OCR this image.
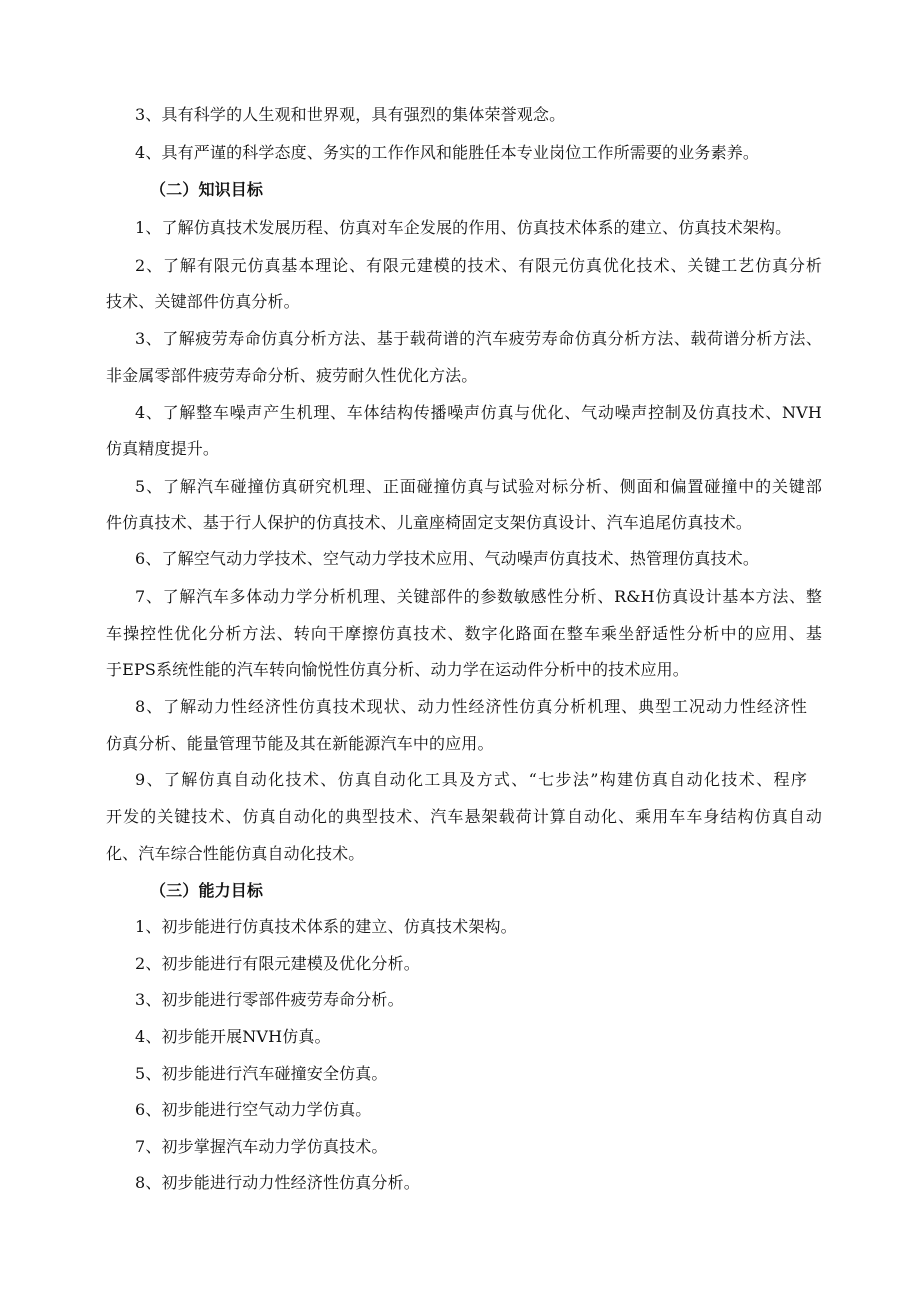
3、具有科学的人生观和世界观，具有强烈的集体荣誉观念。
4、具有严谨的科学态度、务实的工作作风和能胜任本专业岗位工作所需要的业务素养。
（二）知识目标
1、了解仿真技术发展历程、仿真对车企发展的作用、仿真技术体系的建立、仿真技术架构。
2、了解有限元仿真基本理论、有限元建模的技术、有限元仿真优化技术、关键工艺仿真分析
技术、关键部件仿真分析。
3、了解疲劳寿命仿真分析方法、基于载荷谱的汽车疲劳寿命仿真分析方法、载荷谱分析方法、
非金属零部件疲劳寿命分析、疲劳耐久性优化方法。
4、了解整车噪声产生机理、车体结构传播噪声仿真与优化、气动噪声控制及仿真技术、NVH
仿真精度提升。
5、了解汽车碰撞仿真研究机理、正面碰撞仿真与试验对标分析、侧面和偏置碰撞中的关键部
件仿真技术、基于行人保护的仿真技术、儿童座椅固定支架仿真设计、汽车追尾仿真技术。
6、了解空气动力学技术、空气动力学技术应用、气动噪声仿真技术、热管理仿真技术。
7、了解汽车多体动力学分析机理、关键部件的参数敏感性分析、R&H仿真设计基本方法、整
车操控性优化分析方法、转向干摩擦仿真技术、数字化路面在整车乘坐舒适性分析中的应用、基
于EPS系统性能的汽车转向愉悦性仿真分析、动力学在运动件分析中的技术应用。
8、了解动力性经济性仿真技术现状、动力性经济性仿真分析机理、典型工况动力性经济性
仿真分析、能量管理节能及其在新能源汽车中的应用。
9、了解仿真自动化技术、仿真自动化工具及方式、“七步法”构建仿真自动化技术、程序
开发的关键技术、仿真自动化的典型技术、汽车悬架载荷计算自动化、乘用车车身结构仿真自动
化、汽车综合性能仿真自动化技术。
（三）能力目标
1、初步能进行仿真技术体系的建立、仿真技术架构。
2、初步能进行有限元建模及优化分析。
3、初步能进行零部件疲劳寿命分析。
4、初步能开展NVH仿真。
5、初步能进行汽车碰撞安全仿真。
6、初步能进行空气动力学仿真。
7、初步掌握汽车动力学仿真技术。
8、初步能进行动力性经济性仿真分析。
